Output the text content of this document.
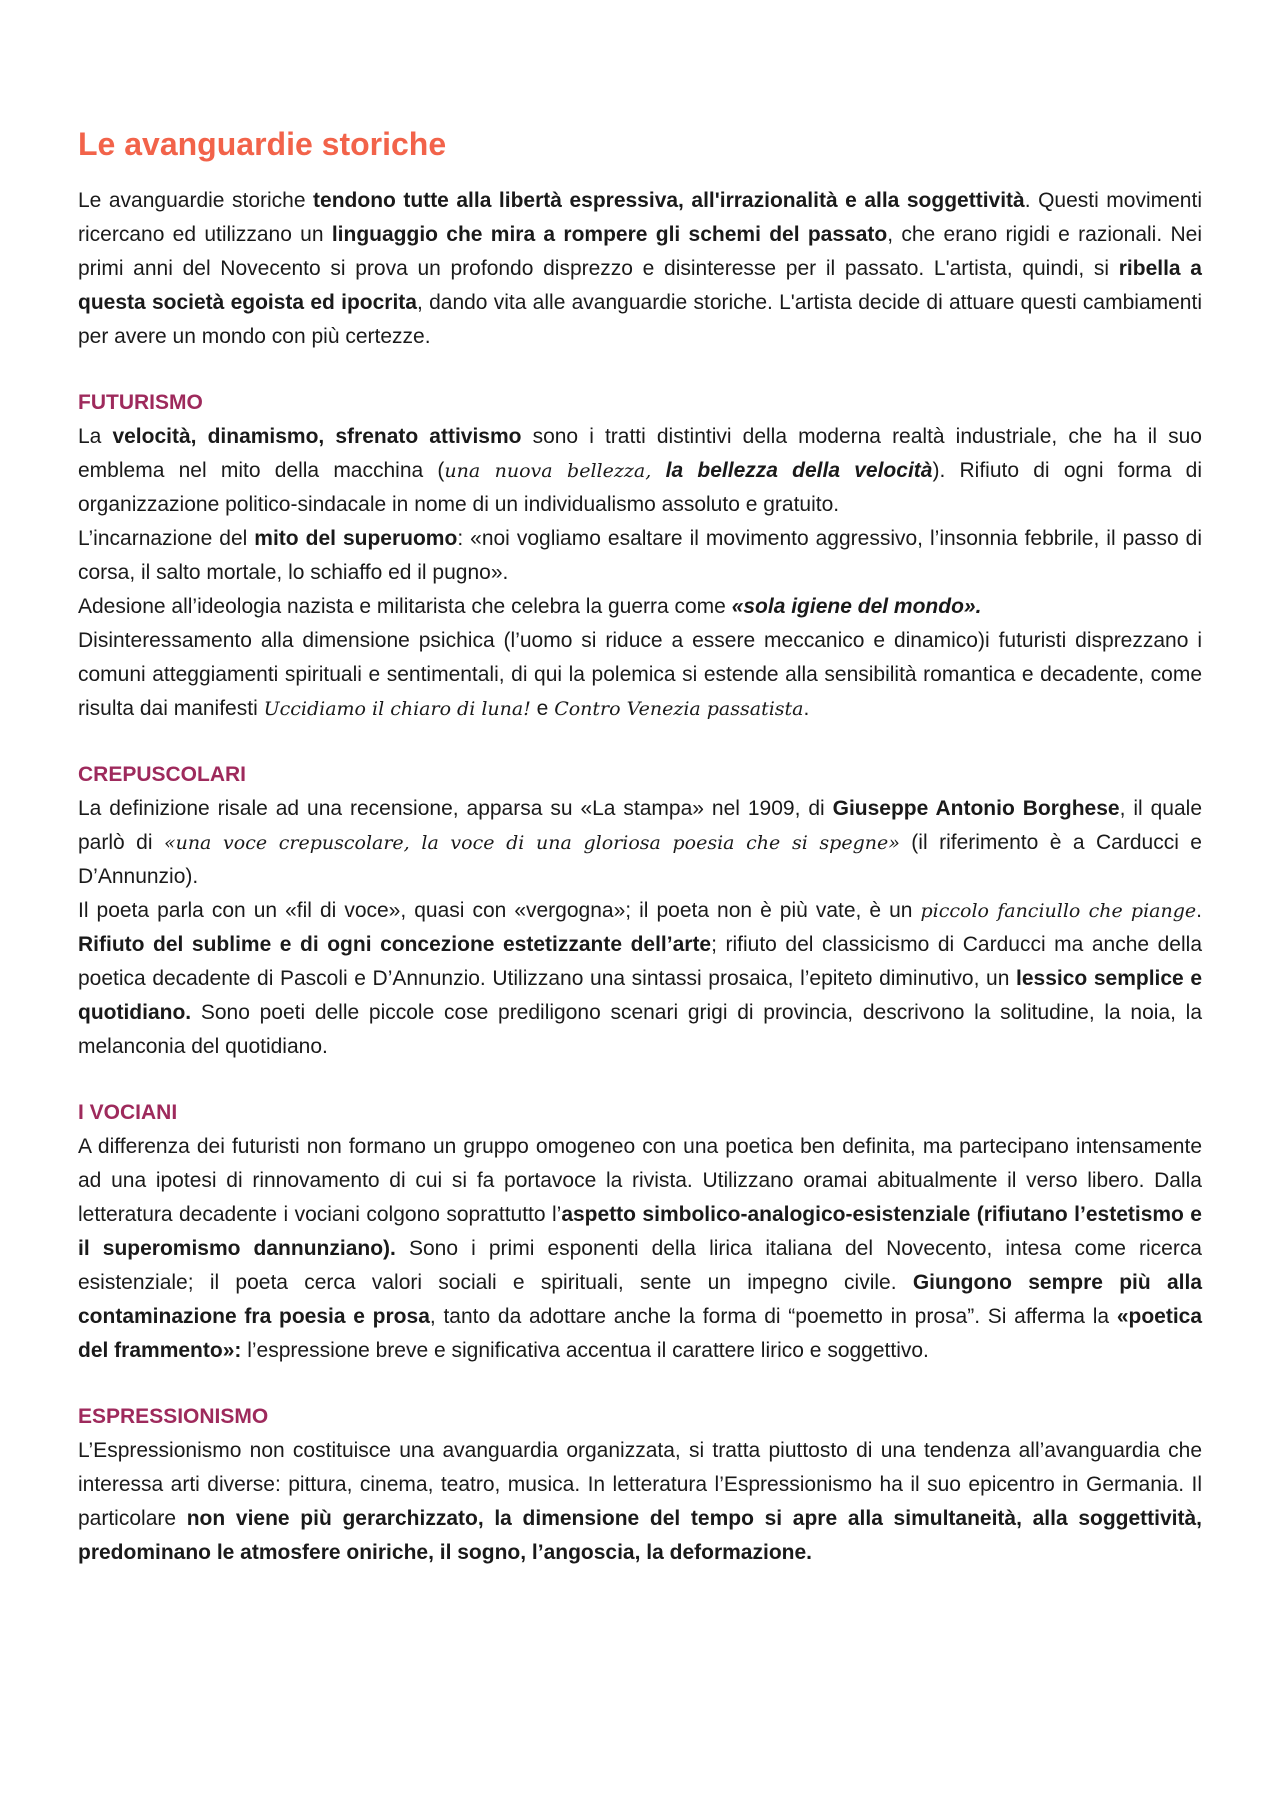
Le avanguardie storiche

Le avanguardie storiche tendono tutte alla libertà espressiva, all'irrazionalità e alla soggettività. Questi movimenti ricercano ed utilizzano un linguaggio che mira a rompere gli schemi del passato, che erano rigidi e razionali. Nei primi anni del Novecento si prova un profondo disprezzo e disinteresse per il passato. L'artista, quindi, si ribella a questa società egoista ed ipocrita, dando vita alle avanguardie storiche. L'artista decide di attuare questi cambiamenti per avere un mondo con più certezze.

FUTURISMO

La velocità, dinamismo, sfrenato attivismo sono i tratti distintivi della moderna realtà industriale, che ha il suo emblema nel mito della macchina (una nuova bellezza, la bellezza della velocità). Rifiuto di ogni forma di organizzazione politico-sindacale in nome di un individualismo assoluto e gratuito.

L’incarnazione del mito del superuomo: «noi vogliamo esaltare il movimento aggressivo, l’insonnia febbrile, il passo di corsa, il salto mortale, lo schiaffo ed il pugno».

Adesione all’ideologia nazista e militarista che celebra la guerra come «sola igiene del mondo».

Disinteressamento alla dimensione psichica (l’uomo si riduce a essere meccanico e dinamico)i futuristi disprezzano i comuni atteggiamenti spirituali e sentimentali, di qui la polemica si estende alla sensibilità romantica e decadente, come risulta dai manifesti Uccidiamo il chiaro di luna! e Contro Venezia passatista.

CREPUSCOLARI

La definizione risale ad una recensione, apparsa su «La stampa» nel 1909, di Giuseppe Antonio Borghese, il quale parlò di «una voce crepuscolare, la voce di una gloriosa poesia che si spegne» (il riferimento è a Carducci e D’Annunzio).

Il poeta parla con un «fil di voce», quasi con «vergogna»; il poeta non è più vate, è un piccolo fanciullo che piange. Rifiuto del sublime e di ogni concezione estetizzante dell’arte; rifiuto del classicismo di Carducci ma anche della poetica decadente di Pascoli e D’Annunzio. Utilizzano una sintassi prosaica, l’epiteto diminutivo, un lessico semplice e quotidiano. Sono poeti delle piccole cose prediligono scenari grigi di provincia, descrivono la solitudine, la noia, la melanconia del quotidiano.

I VOCIANI

A differenza dei futuristi non formano un gruppo omogeneo con una poetica ben definita, ma partecipano intensamente ad una ipotesi di rinnovamento di cui si fa portavoce la rivista. Utilizzano oramai abitualmente il verso libero. Dalla letteratura decadente i vociani colgono soprattutto l’aspetto simbolico-analogico-esistenziale (rifiutano l’estetismo e il superomismo dannunziano). Sono i primi esponenti della lirica italiana del Novecento, intesa come ricerca esistenziale; il poeta cerca valori sociali e spirituali, sente un impegno civile. Giungono sempre più alla contaminazione fra poesia e prosa, tanto da adottare anche la forma di “poemetto in prosa”. Si afferma la «poetica del frammento»: l’espressione breve e significativa accentua il carattere lirico e soggettivo.

ESPRESSIONISMO

L’Espressionismo non costituisce una avanguardia organizzata, si tratta piuttosto di una tendenza all’avanguardia che interessa arti diverse: pittura, cinema, teatro, musica. In letteratura l’Espressionismo ha il suo epicentro in Germania. Il particolare non viene più gerarchizzato, la dimensione del tempo si apre alla simultaneità, alla soggettività, predominano le atmosfere oniriche, il sogno, l’angoscia, la deformazione.
